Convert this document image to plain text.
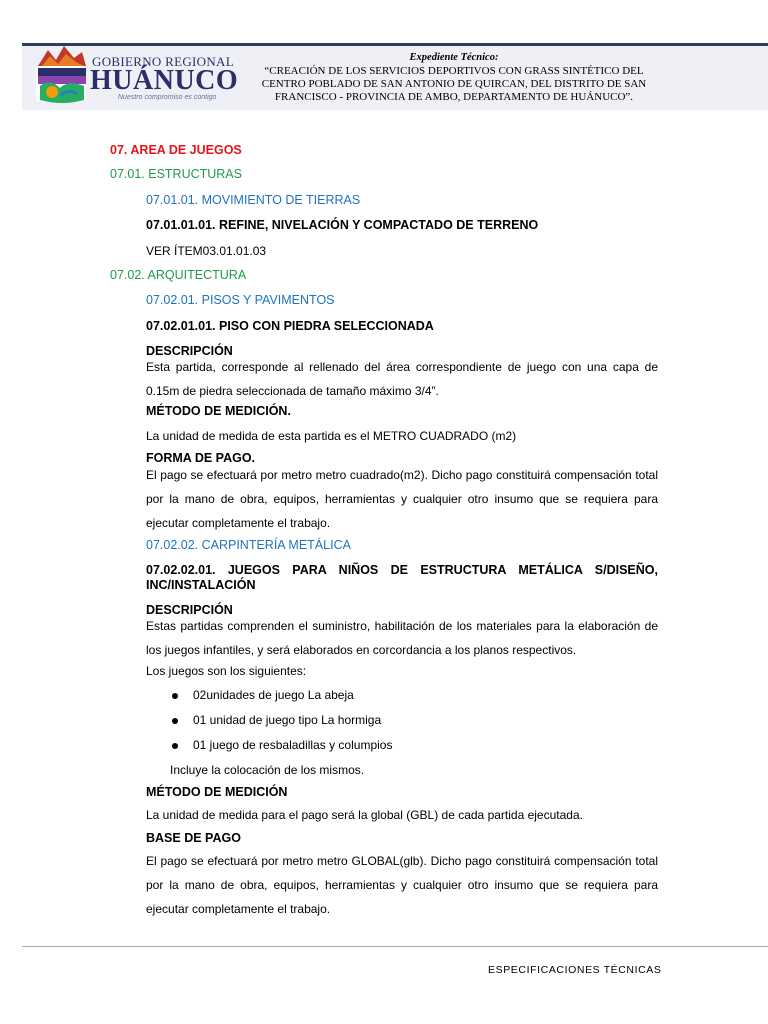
GOBIERNO REGIONAL
HUÁNUCO
Nuestro compromiso es contigo
Expediente Técnico:
“CREACIÓN DE LOS SERVICIOS DEPORTIVOS CON GRASS SINTÉTICO DEL CENTRO POBLADO DE SAN ANTONIO DE QUIRCAN, DEL DISTRITO DE SAN FRANCISCO - PROVINCIA DE AMBO, DEPARTAMENTO DE HUÁNUCO”.
07. AREA DE JUEGOS
07.01. ESTRUCTURAS
07.01.01. MOVIMIENTO DE TIERRAS
07.01.01.01. REFINE, NIVELACIÓN Y COMPACTADO DE TERRENO
VER ÍTEM03.01.01.03
07.02. ARQUITECTURA
07.02.01. PISOS Y PAVIMENTOS
07.02.01.01. PISO CON PIEDRA SELECCIONADA
DESCRIPCIÓN
Esta partida, corresponde al rellenado del área correspondiente de juego con una capa de 0.15m de piedra seleccionada de tamaño máximo 3/4”.
MÉTODO DE MEDICIÓN.
La unidad de medida de esta partida es el METRO CUADRADO (m2)
FORMA DE PAGO.
El pago se efectuará por metro metro cuadrado(m2). Dicho pago constituirá compensación total por la mano de obra, equipos, herramientas y cualquier otro insumo que se requiera para ejecutar completamente el trabajo.
07.02.02. CARPINTERÍA METÁLICA
07.02.02.01. JUEGOS PARA NIÑOS DE ESTRUCTURA METÁLICA S/DISEÑO, INC/INSTALACIÓN
DESCRIPCIÓN
Estas partidas comprenden el suministro, habilitación de los materiales para la elaboración de los juegos infantiles, y será elaborados en corcordancia a los planos respectivos.
Los juegos son los siguientes:
02unidades de juego La abeja
01 unidad de juego tipo La hormiga
01 juego de resbaladillas y columpios
Incluye la colocación de los mismos.
MÉTODO DE MEDICIÓN
La unidad de medida para el pago será la global (GBL) de cada partida ejecutada.
BASE DE PAGO
El pago se efectuará por metro metro GLOBAL(glb). Dicho pago constituirá compensación total por la mano de obra, equipos, herramientas y cualquier otro insumo que se requiera para ejecutar completamente el trabajo.
ESPECIFICACIONES TÉCNICAS
